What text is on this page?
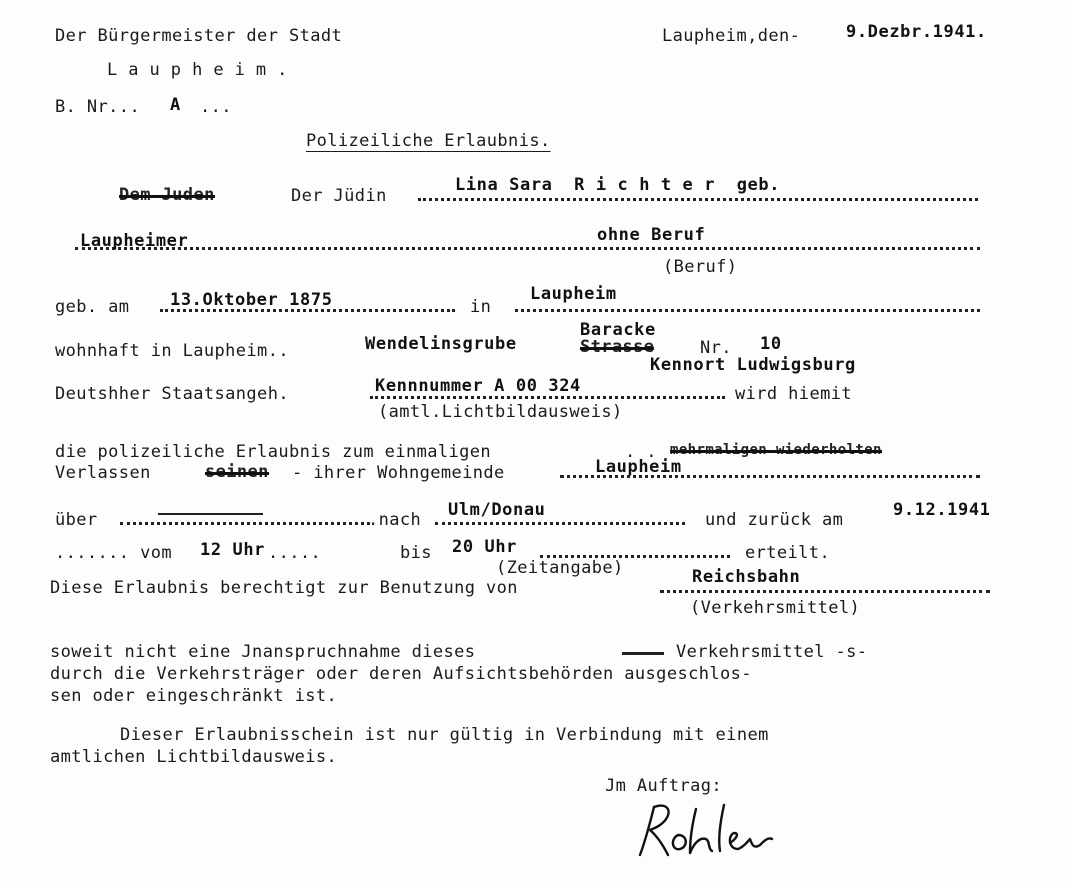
Der Bürgermeister der Stadt
L a u p h e i m .
B. Nr... A ...
Laupheim,den-	9.Dezbr.1941.
Polizeiliche Erlaubnis.
Dem Juden	Der Jüdin
Lina Sara  R i c h t e r  geb.
Laupheimer	ohne Beruf
(Beruf)
geb. am 13.Oktober 1875	in
Laupheim
wohnhaft in Laupheim..	Wendelinsgrube
Baracke
Strasse	Nr. 10
Kennort Ludwigsburg
Deutshher Staatsangeh.	Kennnummer A 00 324	wird hiemit
(amtl.Lichtbildausweis)
die polizeiliche Erlaubnis zum einmaligen	. . mehrmaligen wiederholten
Verlassen	seinen - ihrer Wohngemeinde	Laupheim
über	.nach Ulm/Donau	und zurück am	9.12.1941
....... vom 12 Uhr .....	bis 20 Uhr	erteilt.
(Zeitangabe)
Diese Erlaubnis berechtigt zur Benutzung von
Reichsbahn
(Verkehrsmittel)
soweit nicht eine Jnanspruchnahme dieses	Verkehrsmittel -s-
durch die Verkehrsträger oder deren Aufsichtsbehörden ausgeschlos-
sen oder eingeschränkt ist.
Dieser Erlaubnisschein ist nur gültig in Verbindung mit einem
amtlichen Lichtbildausweis.
Jm Auftrag:
